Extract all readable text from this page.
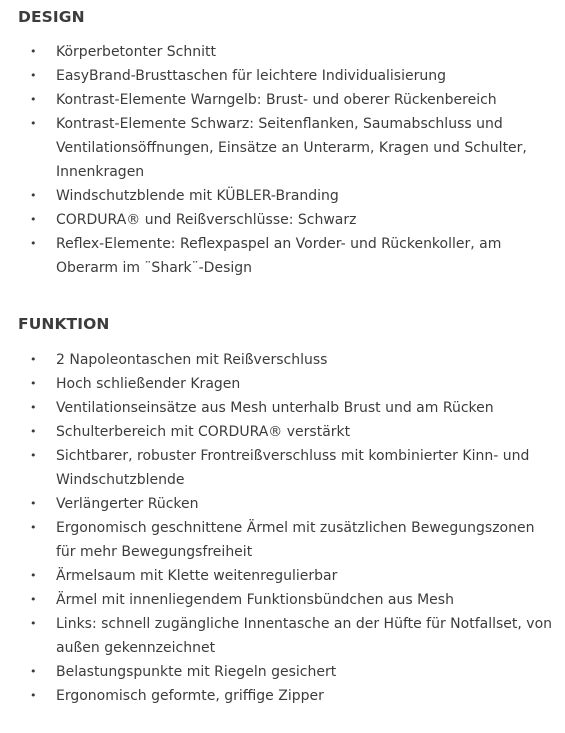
DESIGN
• Körperbetonter Schnitt
• EasyBrand-Brusttaschen für leichtere Individualisierung
• Kontrast-Elemente Warngelb: Brust- und oberer Rückenbereich
• Kontrast-Elemente Schwarz: Seitenflanken, Saumabschluss und Ventilationsöffnungen, Einsätze an Unterarm, Kragen und Schulter, Innenkragen
• Windschutzblende mit KÜBLER-Branding
• CORDURA® und Reißverschlüsse: Schwarz
• Reflex-Elemente: Reflexpaspel an Vorder- und Rückenkoller, am Oberarm im ¨Shark¨-Design
FUNKTION
• 2 Napoleontaschen mit Reißverschluss
• Hoch schließender Kragen
• Ventilationseinsätze aus Mesh unterhalb Brust und am Rücken
• Schulterbereich mit CORDURA® verstärkt
• Sichtbarer, robuster Frontreißverschluss mit kombinierter Kinn- und Windschutzblende
• Verlängerter Rücken
• Ergonomisch geschnittene Ärmel mit zusätzlichen Bewegungszonen für mehr Bewegungsfreiheit
• Ärmelsaum mit Klette weitenregulierbar
• Ärmel mit innenliegendem Funktionsbündchen aus Mesh
• Links: schnell zugängliche Innentasche an der Hüfte für Notfallset, von außen gekennzeichnet
• Belastungspunkte mit Riegeln gesichert
• Ergonomisch geformte, griffige Zipper
